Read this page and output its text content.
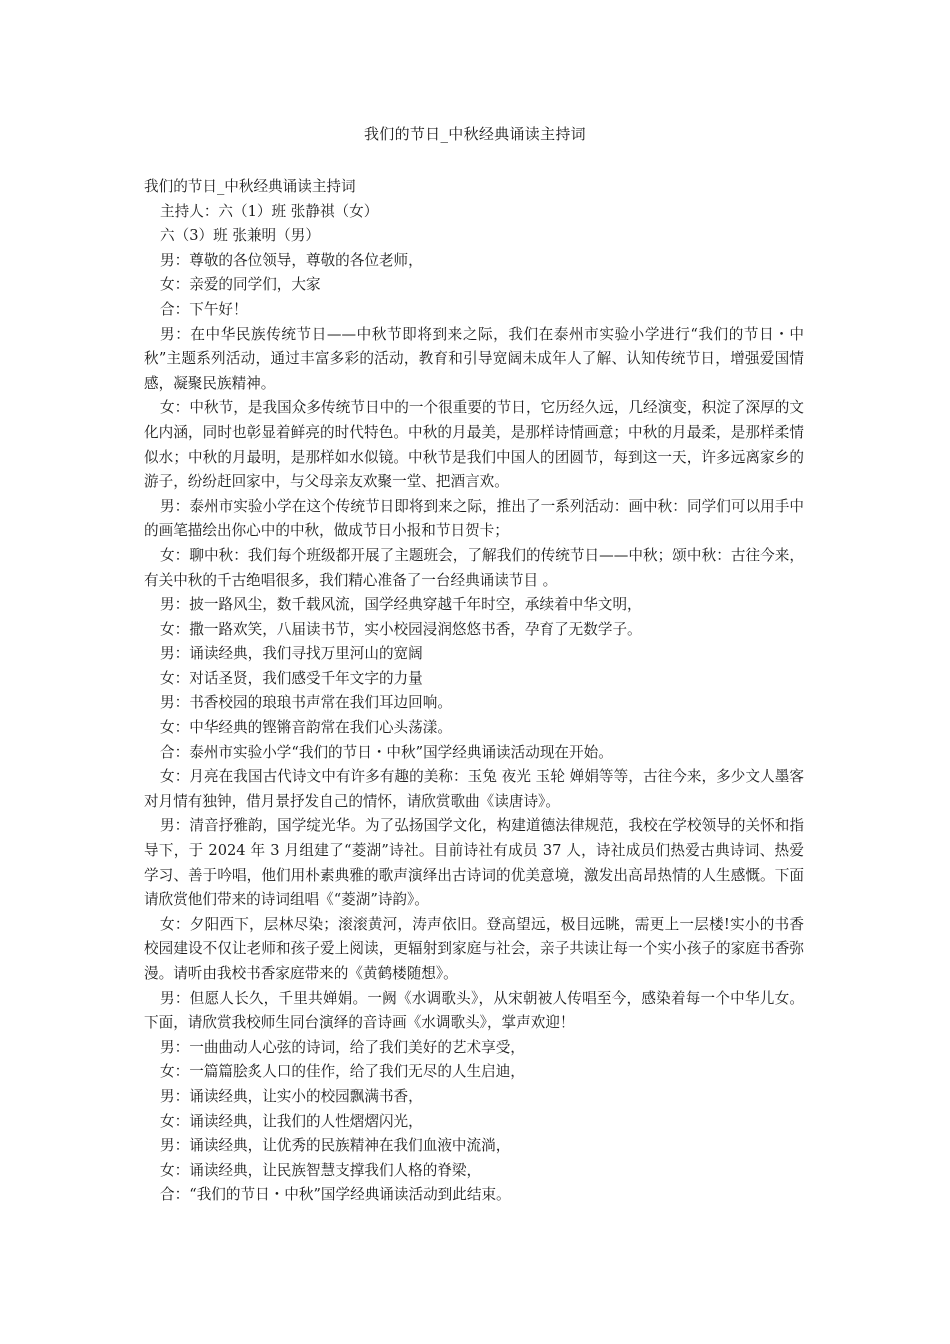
我们的节日_中秋经典诵读主持词

我们的节日_中秋经典诵读主持词

主持人：六（1）班 张静祺（女）

六（3）班 张兼明（男）

男：尊敬的各位领导，尊敬的各位老师，

女：亲爱的同学们，大家

合：下午好！

男：在中华民族传统节日——中秋节即将到来之际，我们在泰州市实验小学进行“我们的节日・中秋”主题系列活动，通过丰富多彩的活动，教育和引导宽阔未成年人了解、认知传统节日，增强爱国情感，凝聚民族精神。

女：中秋节，是我国众多传统节日中的一个很重要的节日，它历经久远，几经演变，积淀了深厚的文化内涵，同时也彰显着鲜亮的时代特色。中秋的月最美，是那样诗情画意；中秋的月最柔，是那样柔情似水；中秋的月最明，是那样如水似镜。中秋节是我们中国人的团圆节，每到这一天，许多远离家乡的游子，纷纷赶回家中，与父母亲友欢聚一堂、把酒言欢。

男：泰州市实验小学在这个传统节日即将到来之际，推出了一系列活动：画中秋：同学们可以用手中的画笔描绘出你心中的中秋，做成节日小报和节日贺卡；

女：聊中秋：我们每个班级都开展了主题班会，了解我们的传统节日——中秋；颂中秋：古往今来，有关中秋的千古绝唱很多，我们精心准备了一台经典诵读节目 。

男：披一路风尘，数千载风流，国学经典穿越千年时空，承续着中华文明，

女：撒一路欢笑，八届读书节，实小校园浸润悠悠书香，孕育了无数学子。

男：诵读经典，我们寻找万里河山的宽阔

女：对话圣贤，我们感受千年文字的力量

男：书香校园的琅琅书声常在我们耳边回响。

女：中华经典的铿锵音韵常在我们心头荡漾。

合：泰州市实验小学“我们的节日・中秋”国学经典诵读活动现在开始。

女：月亮在我国古代诗文中有许多有趣的美称：玉兔 夜光 玉轮 婵娟等等，古往今来，多少文人墨客对月情有独钟，借月景抒发自己的情怀，请欣赏歌曲《读唐诗》。

男：清音抒雅韵，国学绽光华。为了弘扬国学文化，构建道德法律规范，我校在学校领导的关怀和指导下，于 2024 年 3 月组建了“菱湖”诗社。目前诗社有成员 37 人，诗社成员们热爱古典诗词、热爱学习、善于吟唱，他们用朴素典雅的歌声演绎出古诗词的优美意境，激发出高昂热情的人生感慨。下面请欣赏他们带来的诗词组唱《“菱湖”诗韵》。

女：夕阳西下，层林尽染；滚滚黄河，涛声依旧。登高望远，极目远眺，需更上一层楼!实小的书香校园建设不仅让老师和孩子爱上阅读，更辐射到家庭与社会，亲子共读让每一个实小孩子的家庭书香弥漫。请听由我校书香家庭带来的《黄鹤楼随想》。

男：但愿人长久，千里共婵娟。一阙《水调歌头》，从宋朝被人传唱至今，感染着每一个中华儿女。 下面，请欣赏我校师生同台演绎的音诗画《水调歌头》，掌声欢迎！

男：一曲曲动人心弦的诗词，给了我们美好的艺术享受，

女：一篇篇脍炙人口的佳作，给了我们无尽的人生启迪，

男：诵读经典，让实小的校园飘满书香，

女：诵读经典，让我们的人性熠熠闪光，

男：诵读经典，让优秀的民族精神在我们血液中流淌，

女：诵读经典，让民族智慧支撑我们人格的脊梁，

合：“我们的节日・中秋”国学经典诵读活动到此结束。
